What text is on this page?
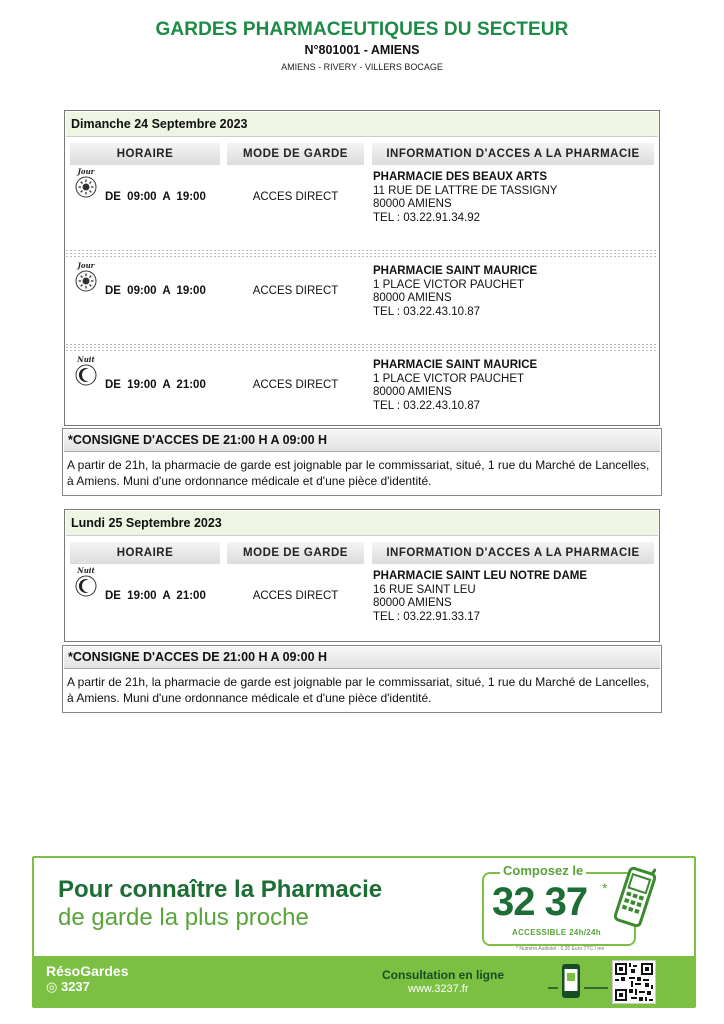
GARDES PHARMACEUTIQUES DU SECTEUR
N°801001 - AMIENS
AMIENS - RIVERY - VILLERS BOCAGE
Dimanche 24 Septembre 2023
HORAIRE	MODE DE GARDE	INFORMATION D'ACCES A LA PHARMACIE
Jour
DE 09:00 A 19:00	ACCES DIRECT
PHARMACIE DES BEAUX ARTS
11 RUE DE LATTRE DE TASSIGNY
80000 AMIENS
TEL : 03.22.91.34.92
Jour
DE 09:00 A 19:00	ACCES DIRECT
PHARMACIE SAINT MAURICE
1 PLACE VICTOR PAUCHET
80000 AMIENS
TEL : 03.22.43.10.87
Nuit
DE 19:00 A 21:00	ACCES DIRECT
PHARMACIE SAINT MAURICE
1 PLACE VICTOR PAUCHET
80000 AMIENS
TEL : 03.22.43.10.87
*CONSIGNE D'ACCES DE 21:00 H A 09:00 H
A partir de 21h, la pharmacie de garde est joignable par le commissariat, situé, 1 rue du Marché de Lancelles, à Amiens. Muni d'une ordonnance médicale et d'une pièce d'identité.
Lundi 25 Septembre 2023
HORAIRE	MODE DE GARDE	INFORMATION D'ACCES A LA PHARMACIE
Nuit
DE 19:00 A 21:00	ACCES DIRECT
PHARMACIE SAINT LEU NOTRE DAME
16 RUE SAINT LEU
80000 AMIENS
TEL : 03.22.91.33.17
*CONSIGNE D'ACCES DE 21:00 H A 09:00 H
A partir de 21h, la pharmacie de garde est joignable par le commissariat, situé, 1 rue du Marché de Lancelles, à Amiens. Muni d'une ordonnance médicale et d'une pièce d'identité.
Pour connaître la Pharmacie
de garde la plus proche
Composez le
32 37 *
ACCESSIBLE 24h/24h
* Numéro Audiotel : 0.35 Euro TTC / mn
RésoGardes
◎ 3237
Consultation en ligne
www.3237.fr
